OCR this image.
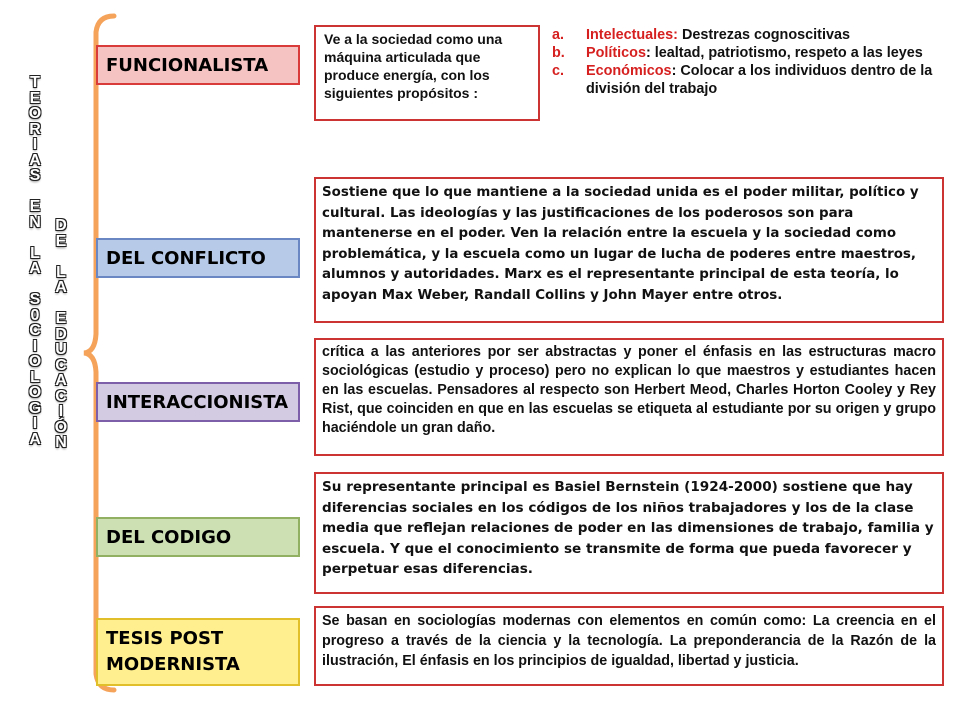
T
E
O
R
I
A
S
E
N
L
A
S
0
C
I
O
L
O
G
I
A
D
E
L
A
E
D
U
C
A
C
I
Ó
N
FUNCIONALISTA
DEL CONFLICTO
INTERACCIONISTA
DEL CODIGO
TESIS POST MODERNISTA
Ve a la sociedad como una máquina articulada que produce energía, con los siguientes propósitos :
a. Intelectuales: Destrezas cognoscitivas
b. Políticos: lealtad, patriotismo, respeto a las leyes
c. Económicos: Colocar a los individuos dentro de la división del trabajo
Sostiene que lo que mantiene a la sociedad unida es el poder militar, político y cultural. Las ideologías y las justificaciones de los poderosos son para mantenerse en el poder. Ven la relación entre la escuela y la sociedad como problemática, y la escuela como un lugar de lucha de poderes entre maestros, alumnos y autoridades. Marx es el representante principal de esta teoría, lo apoyan Max Weber, Randall Collins y John Mayer entre otros.
crítica a las anteriores por ser abstractas y poner el énfasis en las estructuras macro sociológicas (estudio y proceso) pero no explican lo que maestros y estudiantes hacen en las escuelas. Pensadores al respecto son Herbert Meod, Charles Horton Cooley y Rey Rist, que coinciden en que en las escuelas se etiqueta al estudiante por su origen y grupo haciéndole un gran daño.
Su representante principal es Basiel Bernstein (1924-2000) sostiene que hay diferencias sociales en los códigos de los niños trabajadores y los de la clase media que reflejan relaciones de poder en las dimensiones de trabajo, familia y escuela. Y que el conocimiento se transmite de forma que pueda favorecer y perpetuar esas diferencias.
Se basan en sociologías modernas con elementos en común como: La creencia en el progreso a través de la ciencia y la tecnología. La preponderancia de la Razón de la ilustración, El énfasis en los principios de igualdad, libertad y justicia.
